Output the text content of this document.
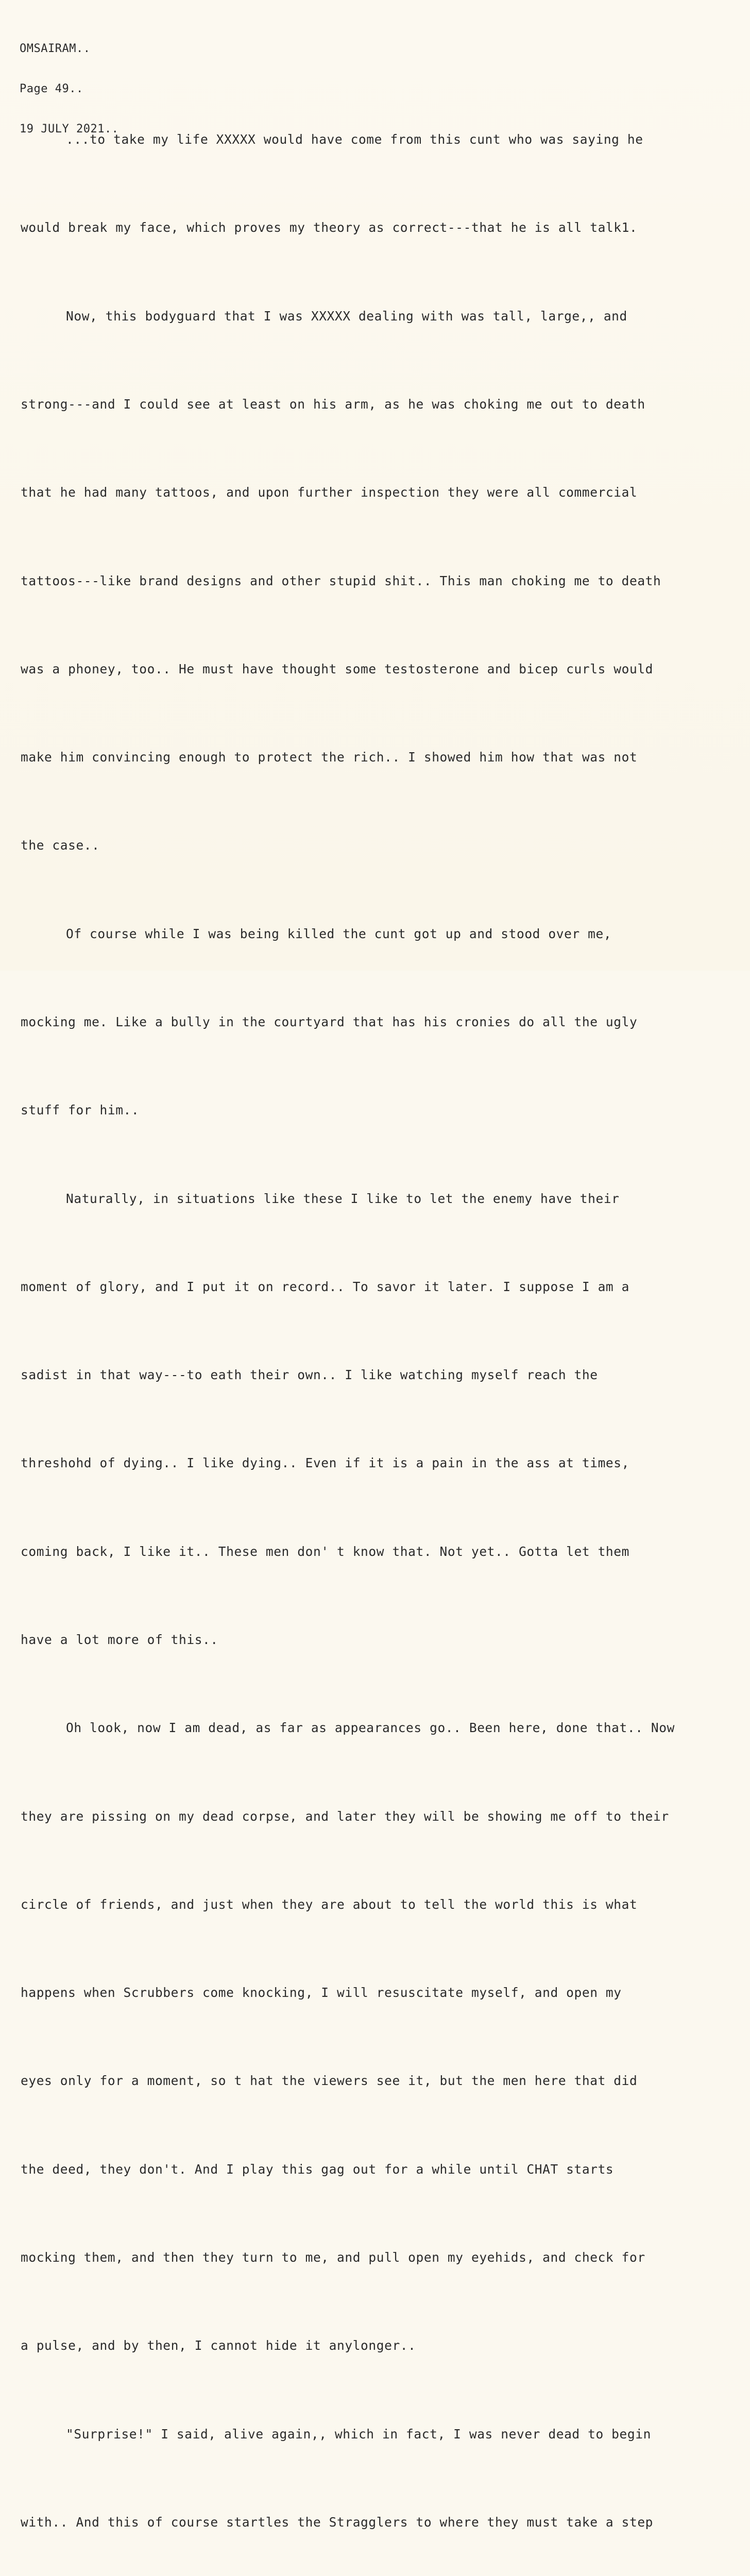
OMSAIRAM..

Page 49..

19 JULY 2021..

...to take my life XXXXX would have come from this cunt who was saying he

would break my face, which proves my theory as correct---that he is all talk1.

Now, this bodyguard that I was XXXXX dealing with was tall, large,, and

strong---and I could see at least on his arm, as he was choking me out to death

that he had many tattoos, and upon further inspection they were all commercial

tattoos---like brand designs and other stupid shit.. This man choking me to death

was a phoney, too.. He must have thought some testosterone and bicep curls would

make him convincing enough to protect the rich.. I showed him how that was not

the case..

Of course while I was being killed the cunt got up and stood over me,

mocking me. Like a bully in the courtyard that has his cronies do all the ugly

stuff for him..

Naturally, in situations like these I like to let the enemy have their

moment of glory, and I put it on record.. To savor it later. I suppose I am a

sadist in that way---to eath their own.. I like watching myself reach the

threshohd of dying.. I like dying.. Even if it is a pain in the ass at times,

coming back, I like it.. These men don' t know that. Not yet.. Gotta let them

have a lot more of this..

Oh look, now I am dead, as far as appearances go.. Been here, done that.. Now

they are pissing on my dead corpse, and later they will be showing me off to their

circle of friends, and just when they are about to tell the world this is what

happens when Scrubbers come knocking, I will resuscitate myself, and open my

eyes only for a moment, so t hat the viewers see it, but the men here that did

the deed, they don't. And I play this gag out for a while until CHAT starts

mocking them, and then they turn to me, and pull open my eyehids, and check for

a pulse, and by then, I cannot hide it anylonger..

"Surprise!" I said, alive again,, which in fact, I was never dead to begin

with.. And this of course startles the Stragglers to where they must take a step
